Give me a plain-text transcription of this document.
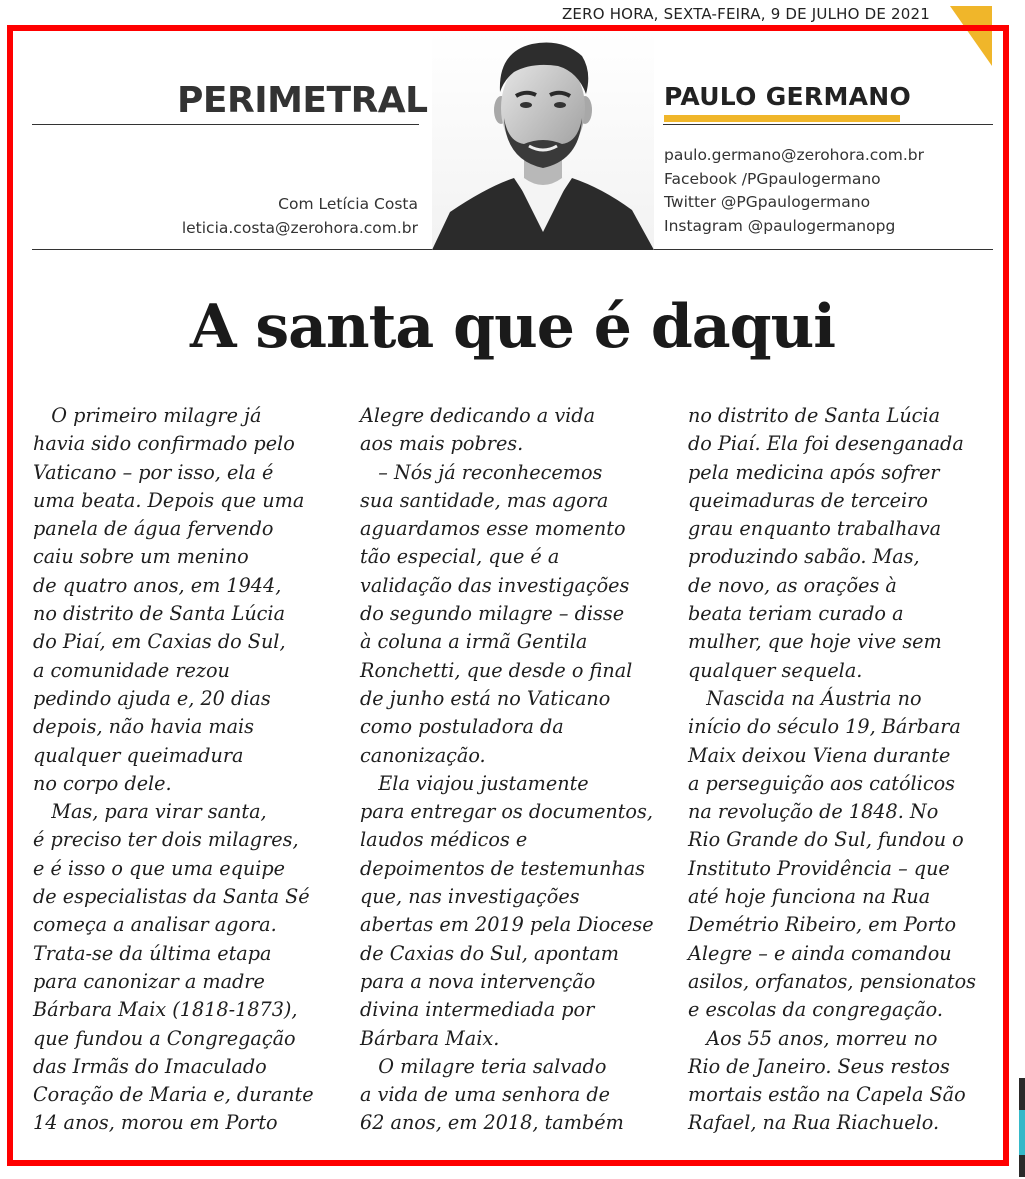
ZERO HORA, SEXTA-FEIRA, 9 DE JULHO DE 2021 18
PERIMETRAL
Com Letícia Costa
leticia.costa@zerohora.com.br
PAULO GERMANO
paulo.germano@zerohora.com.br
Facebook /PGpaulogermano
Twitter @PGpaulogermano
Instagram @paulogermanopg
A santa que é daqui

O primeiro milagre já

havia sido confirmado pelo

Vaticano – por isso, ela é

uma beata. Depois que uma

panela de água fervendo

caiu sobre um menino

de quatro anos, em 1944,

no distrito de Santa Lúcia

do Piaí, em Caxias do Sul,

a comunidade rezou

pedindo ajuda e, 20 dias

depois, não havia mais

qualquer queimadura

no corpo dele.

Mas, para virar santa,

é preciso ter dois milagres,

e é isso o que uma equipe

de especialistas da Santa Sé

começa a analisar agora.

Trata-se da última etapa

para canonizar a madre

Bárbara Maix (1818-1873),

que fundou a Congregação

das Irmãs do Imaculado

Coração de Maria e, durante

14 anos, morou em Porto

Alegre dedicando a vida

aos mais pobres.

– Nós já reconhecemos

sua santidade, mas agora

aguardamos esse momento

tão especial, que é a

validação das investigações

do segundo milagre – disse

à coluna a irmã Gentila

Ronchetti, que desde o final

de junho está no Vaticano

como postuladora da

canonização.

Ela viajou justamente

para entregar os documentos,

laudos médicos e

depoimentos de testemunhas

que, nas investigações

abertas em 2019 pela Diocese

de Caxias do Sul, apontam

para a nova intervenção

divina intermediada por

Bárbara Maix.

O milagre teria salvado

a vida de uma senhora de

62 anos, em 2018, também

no distrito de Santa Lúcia

do Piaí. Ela foi desenganada

pela medicina após sofrer

queimaduras de terceiro

grau enquanto trabalhava

produzindo sabão. Mas,

de novo, as orações à

beata teriam curado a

mulher, que hoje vive sem

qualquer sequela.

Nascida na Áustria no

início do século 19, Bárbara

Maix deixou Viena durante

a perseguição aos católicos

na revolução de 1848. No

Rio Grande do Sul, fundou o

Instituto Providência – que

até hoje funciona na Rua

Demétrio Ribeiro, em Porto

Alegre – e ainda comandou

asilos, orfanatos, pensionatos

e escolas da congregação.

Aos 55 anos, morreu no

Rio de Janeiro. Seus restos

mortais estão na Capela São

Rafael, na Rua Riachuelo.
